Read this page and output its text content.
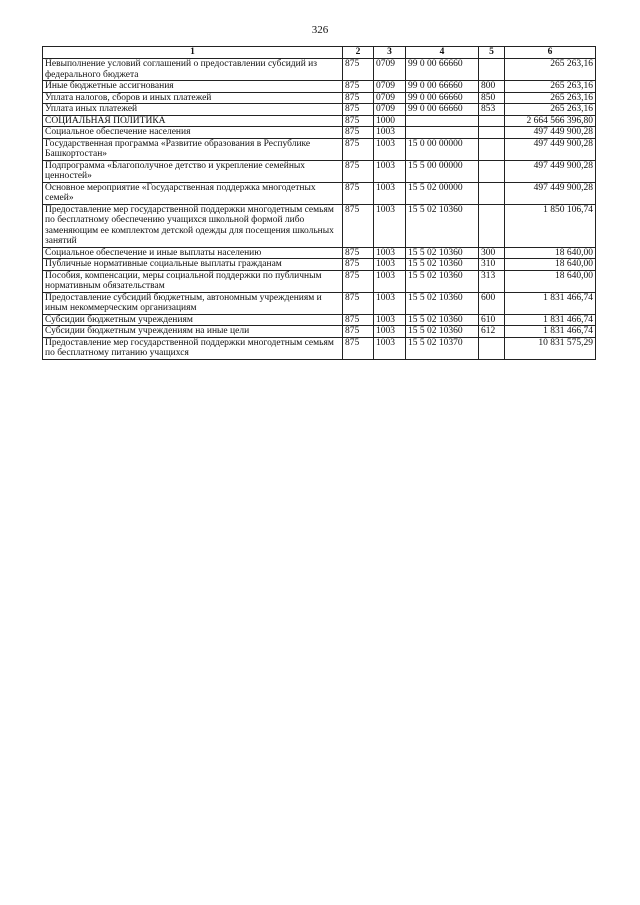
326
1	2	3	4	5	6
Невыполнение условий соглашений о предоставлении субсидий из федерального бюджета	875	0709	99 0 00 66660		265 263,16
Иные бюджетные ассигнования	875	0709	99 0 00 66660	800	265 263,16
Уплата налогов, сборов и иных платежей	875	0709	99 0 00 66660	850	265 263,16
Уплата иных платежей	875	0709	99 0 00 66660	853	265 263,16
СОЦИАЛЬНАЯ ПОЛИТИКА	875	1000			2 664 566 396,80
Социальное обеспечение населения	875	1003			497 449 900,28
Государственная программа «Развитие образования в Республике Башкортостан»	875	1003	15 0 00 00000		497 449 900,28
Подпрограмма «Благополучное детство и укрепление семейных ценностей»	875	1003	15 5 00 00000		497 449 900,28
Основное мероприятие «Государственная поддержка многодетных семей»	875	1003	15 5 02 00000		497 449 900,28
Предоставление мер государственной поддержки многодетным семьям по бесплатному обеспечению учащихся школьной формой либо заменяющим ее комплектом детской одежды для посещения школьных занятий	875	1003	15 5 02 10360		1 850 106,74
Социальное обеспечение и иные выплаты населению	875	1003	15 5 02 10360	300	18 640,00
Публичные нормативные социальные выплаты гражданам	875	1003	15 5 02 10360	310	18 640,00
Пособия, компенсации, меры социальной поддержки по публичным нормативным обязательствам	875	1003	15 5 02 10360	313	18 640,00
Предоставление субсидий бюджетным, автономным учреждениям и иным некоммерческим организациям	875	1003	15 5 02 10360	600	1 831 466,74
Субсидии бюджетным учреждениям	875	1003	15 5 02 10360	610	1 831 466,74
Субсидии бюджетным учреждениям на иные цели	875	1003	15 5 02 10360	612	1 831 466,74
Предоставление мер государственной поддержки многодетным семьям по бесплатному питанию учащихся	875	1003	15 5 02 10370		10 831 575,29
